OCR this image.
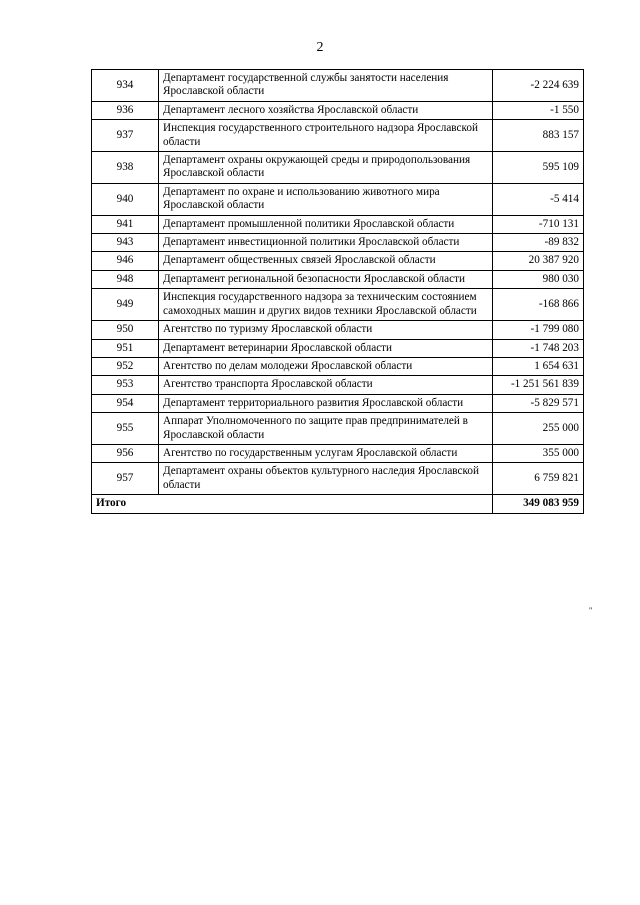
2
934	Департамент государственной службы занятости населения Ярославской области	-2 224 639
936	Департамент лесного хозяйства Ярославской области	-1 550
937	Инспекция государственного строительного надзора Ярославской области	883 157
938	Департамент охраны окружающей среды и природопользования Ярославской области	595 109
940	Департамент по охране и использованию животного мира Ярославской области	-5 414
941	Департамент промышленной политики Ярославской области	-710 131
943	Департамент инвестиционной политики Ярославской области	-89 832
946	Департамент общественных связей Ярославской области	20 387 920
948	Департамент региональной безопасности Ярославской области	980 030
949	Инспекция государственного надзора за техническим состоянием самоходных машин и других видов техники Ярославской области	-168 866
950	Агентство по туризму Ярославской области	-1 799 080
951	Департамент ветеринарии Ярославской области	-1 748 203
952	Агентство по делам молодежи Ярославской области	1 654 631
953	Агентство транспорта Ярославской области	-1 251 561 839
954	Департамент территориального развития Ярославской области	-5 829 571
955	Аппарат Уполномоченного по защите прав предпринимателей в Ярославской области	255 000
956	Агентство по государственным услугам Ярославской области	355 000
957	Департамент охраны объектов культурного наследия Ярославской области	6 759 821
Итого		349 083 959
"
